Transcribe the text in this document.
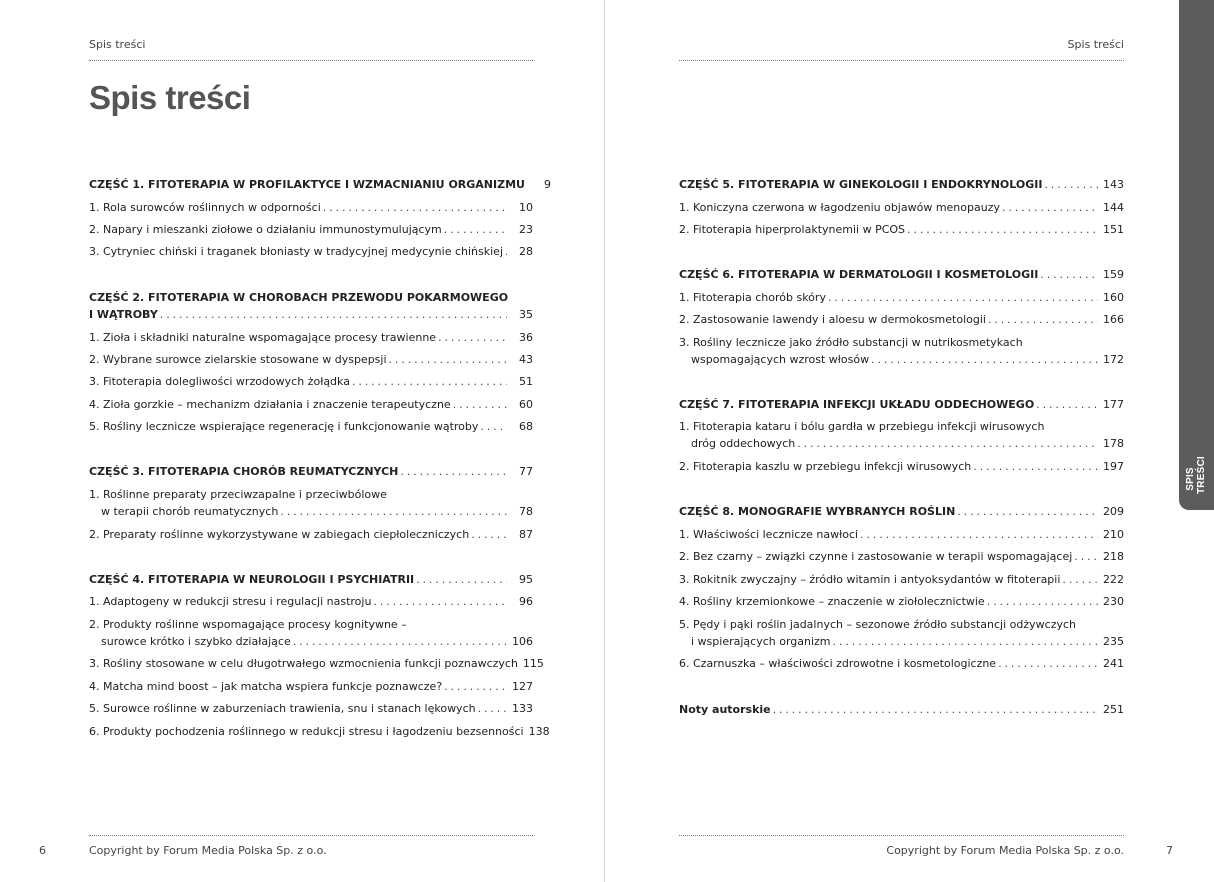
Spis treści
Spis treści
CZĘŚĆ 1. FITOTERAPIA W PROFILAKTYCE I WZMACNIANIU ORGANIZMU	9
1. Rola surowców roślinnych w odporności . . .	10
2. Napary i mieszanki ziołowe o działaniu immunostymulującym . . .	23
3. Cytryniec chiński i traganek błoniasty w tradycyjnej medycynie chińskiej . . .	28
CZĘŚĆ 2. FITOTERAPIA W CHOROBACH PRZEWODU POKARMOWEGO
I WĄTROBY . . .	35
1. Zioła i składniki naturalne wspomagające procesy trawienne . . .	36
2. Wybrane surowce zielarskie stosowane w dyspepsji . . .	43
3. Fitoterapia dolegliwości wrzodowych żołądka . . .	51
4. Zioła gorzkie – mechanizm działania i znaczenie terapeutyczne . . .	60
5. Rośliny lecznicze wspierające regenerację i funkcjonowanie wątroby . . .	68
CZĘŚĆ 3. FITOTERAPIA CHORÓB REUMATYCZNYCH . . .	77
1. Roślinne preparaty przeciwzapalne i przeciwbólowe
w terapii chorób reumatycznych . . .	78
2. Preparaty roślinne wykorzystywane w zabiegach ciepłoleczniczych . . .	87
CZĘŚĆ 4. FITOTERAPIA W NEUROLOGII I PSYCHIATRII . . .	95
1. Adaptogeny w redukcji stresu i regulacji nastroju . . .	96
2. Produkty roślinne wspomagające procesy kognitywne –
surowce krótko i szybko działające . . .	106
3. Rośliny stosowane w celu długotrwałego wzmocnienia funkcji poznawczych 115
4. Matcha mind boost – jak matcha wspiera funkcje poznawcze? . . .	127
5. Surowce roślinne w zaburzeniach trawienia, snu i stanach lękowych . . .	133
6. Produkty pochodzenia roślinnego w redukcji stresu i łagodzeniu bezsenności 138
6	Copyright by Forum Media Polska Sp. z o.o.
Spis treści
CZĘŚĆ 5. FITOTERAPIA W GINEKOLOGII I ENDOKRYNOLOGII . . .	143
1. Koniczyna czerwona w łagodzeniu objawów menopauzy . . .	144
2. Fitoterapia hiperprolaktynemii w PCOS . . .	151
CZĘŚĆ 6. FITOTERAPIA W DERMATOLOGII I KOSMETOLOGII . . .	159
1. Fitoterapia chorób skóry . . .	160
2. Zastosowanie lawendy i aloesu w dermokosmetologii . . .	166
3. Rośliny lecznicze jako źródło substancji w nutrikosmetykach
wspomagających wzrost włosów . . .	172
CZĘŚĆ 7. FITOTERAPIA INFEKCJI UKŁADU ODDECHOWEGO . . .	177
1. Fitoterapia kataru i bólu gardła w przebiegu infekcji wirusowych
dróg oddechowych . . .	178
2. Fitoterapia kaszlu w przebiegu infekcji wirusowych . . .	197
CZĘŚĆ 8. MONOGRAFIE WYBRANYCH ROŚLIN . . .	209
1. Właściwości lecznicze nawłoci . . .	210
2. Bez czarny – związki czynne i zastosowanie w terapii wspomagającej . . .	218
3. Rokitnik zwyczajny – źródło witamin i antyoksydantów w fitoterapii . . .	222
4. Rośliny krzemionkowe – znaczenie w ziołolecznictwie . . .	230
5. Pędy i pąki roślin jadalnych – sezonowe źródło substancji odżywczych
i wspierających organizm . . .	235
6. Czarnuszka – właściwości zdrowotne i kosmetologiczne . . .	241
Noty autorskie . . .	251
Copyright by Forum Media Polska Sp. z o.o.	7
SPIS TREŚCI
